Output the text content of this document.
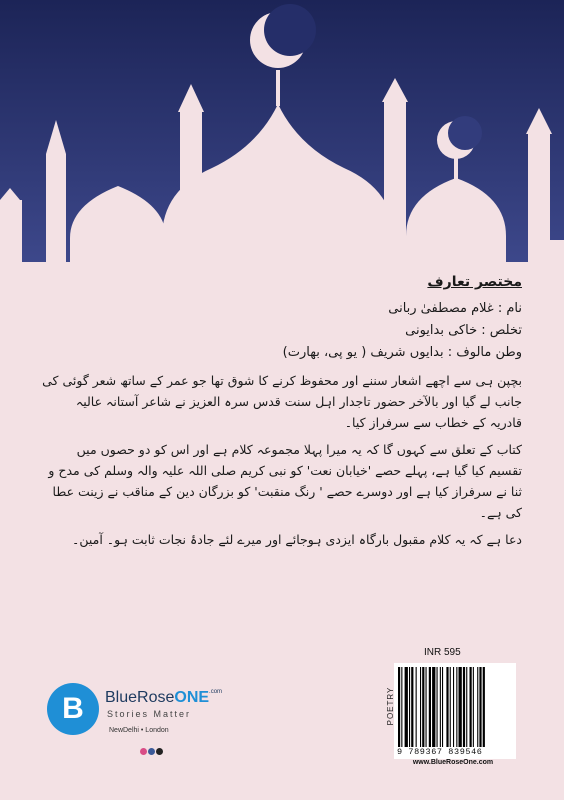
مختصر تعارف

نام : غلام مصطفیٰ ربانی

تخلص : خاکی بدایونی

وطن مالوف : بدایوں شریف ( یو پی، بھارت)

بچپن ہی سے اچھے اشعار سننے اور محفوظ کرنے کا شوق تھا جو عمر کے ساتھ شعر گوئی کی جانب لے گیا اور بالآخر حضور تاجدار اہل سنت قدس سرہ العزیز نے شاعر آستانہ عالیہ قادریہ کے خطاب سے سرفراز کیا۔

کتاب کے تعلق سے کہوں گا کہ یہ میرا پہلا مجموعہ کلام ہے اور اس کو دو حصوں میں تقسیم کیا گیا ہے، پہلے حصے 'خیابان نعت' کو نبی کریم صلی اللہ علیہ والہ وسلم کی مدح و ثنا نے سرفراز کیا ہے اور دوسرے حصے ' رنگ منقبت' کو بزرگان دین کے مناقب نے زینت عطا کی ہے۔

دعا ہے کہ یہ کلام مقبول بارگاہ ایزدی ہوجائے اور میرے لئے جادۂ نجات ثابت ہو۔ آمین۔

B	BlueRoseONE$^{.com}$
Stories Matter
NewDelhi • London
INR 595
POETRY
9 789367 839546
www.BlueRoseOne.com
